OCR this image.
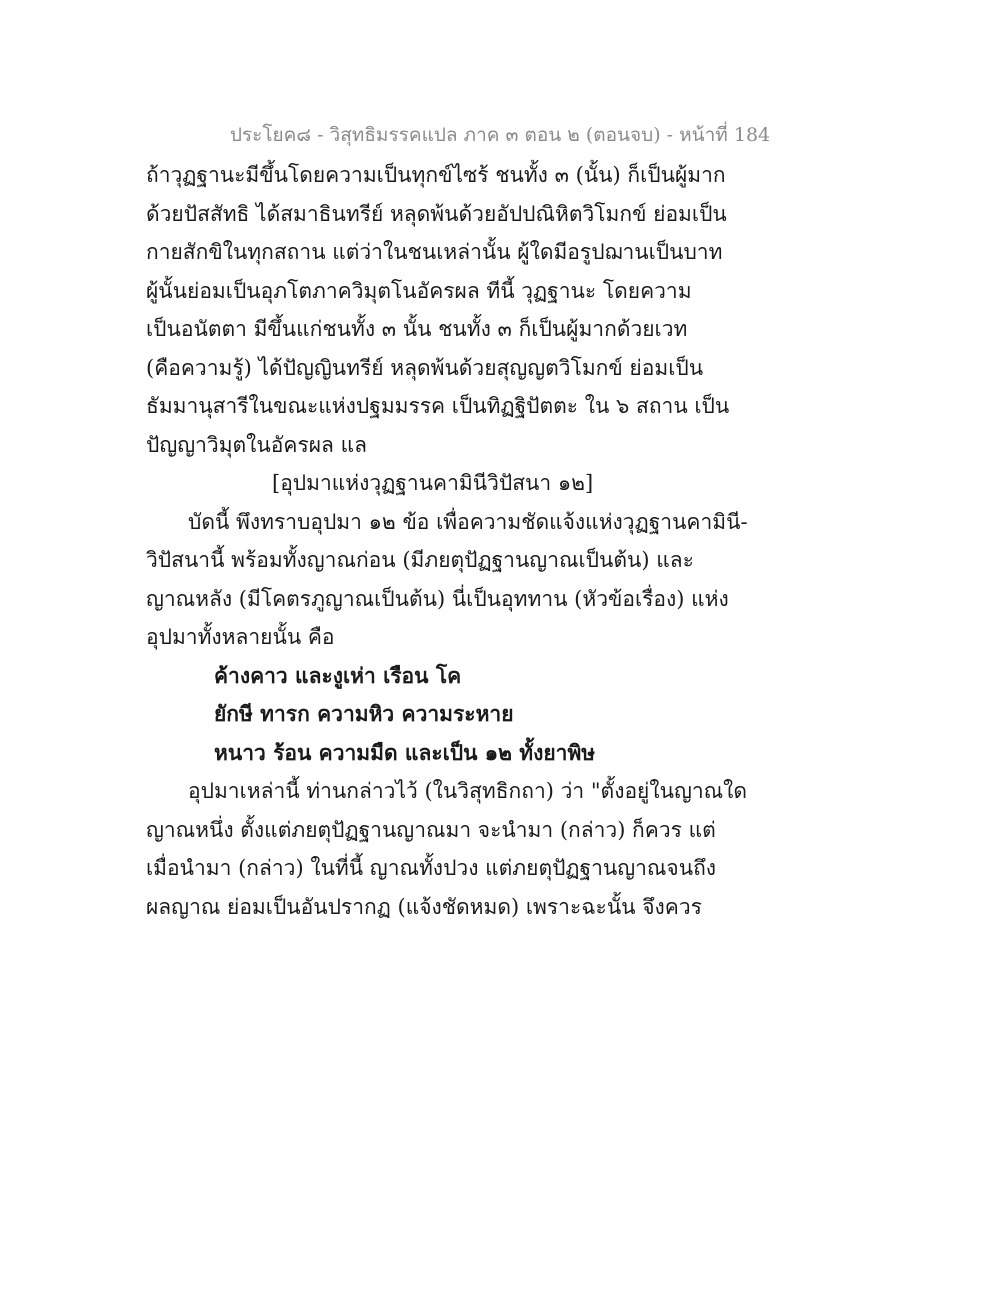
ประโยค๘ - วิสุทธิมรรคแปล ภาค ๓ ตอน ๒ (ตอนจบ) - หน้าที่ 184
ถ้าวุฏฐานะมีขึ้นโดยความเป็นทุกข์ไซร้ ชนทั้ง ๓ (นั้น) ก็เป็นผู้มาก
ด้วยปัสสัทธิ ได้สมาธินทรีย์ หลุดพ้นด้วยอัปปณิหิตวิโมกข์ ย่อมเป็น
กายสักขิในทุกสถาน แต่ว่าในชนเหล่านั้น ผู้ใดมีอรูปฌานเป็นบาท
ผู้นั้นย่อมเป็นอุภโตภาควิมุตโนอัครผล ทีนี้ วุฏฐานะ โดยความ
เป็นอนัตตา มีขึ้นแก่ชนทั้ง ๓ นั้น ชนทั้ง ๓ ก็เป็นผู้มากด้วยเวท
(คือความรู้) ได้ปัญญินทรีย์ หลุดพ้นด้วยสุญญตวิโมกข์ ย่อมเป็น
ธัมมานุสารีในขณะแห่งปฐมมรรค เป็นทิฏฐิปัตตะ ใน ๖ สถาน เป็น
ปัญญาวิมุตในอัครผล แล
[อุปมาแห่งวุฏฐานคามินีวิปัสนา ๑๒]
บัดนี้ พึงทราบอุปมา ๑๒ ข้อ เพื่อความชัดแจ้งแห่งวุฏฐานคามินี-
วิปัสนานี้ พร้อมทั้งญาณก่อน (มีภยตุปัฏฐานญาณเป็นต้น) และ
ญาณหลัง (มีโคตรภูญาณเป็นต้น) นี่เป็นอุททาน (หัวข้อเรื่อง) แห่ง
อุปมาทั้งหลายนั้น คือ
ค้างคาว และงูเห่า เรือน โค
ยักษี ทารก ความหิว ความระหาย
หนาว ร้อน ความมืด และเป็น ๑๒ ทั้งยาพิษ
อุปมาเหล่านี้ ท่านกล่าวไว้ (ในวิสุทธิกถา) ว่า "ตั้งอยู่ในญาณใด
ญาณหนึ่ง ตั้งแต่ภยตุปัฏฐานญาณมา จะนำมา (กล่าว) ก็ควร แต่
เมื่อนำมา (กล่าว) ในที่นี้ ญาณทั้งปวง แต่ภยตุปัฏฐานญาณจนถึง
ผลญาณ ย่อมเป็นอันปรากฏ (แจ้งชัดหมด) เพราะฉะนั้น จึงควร
